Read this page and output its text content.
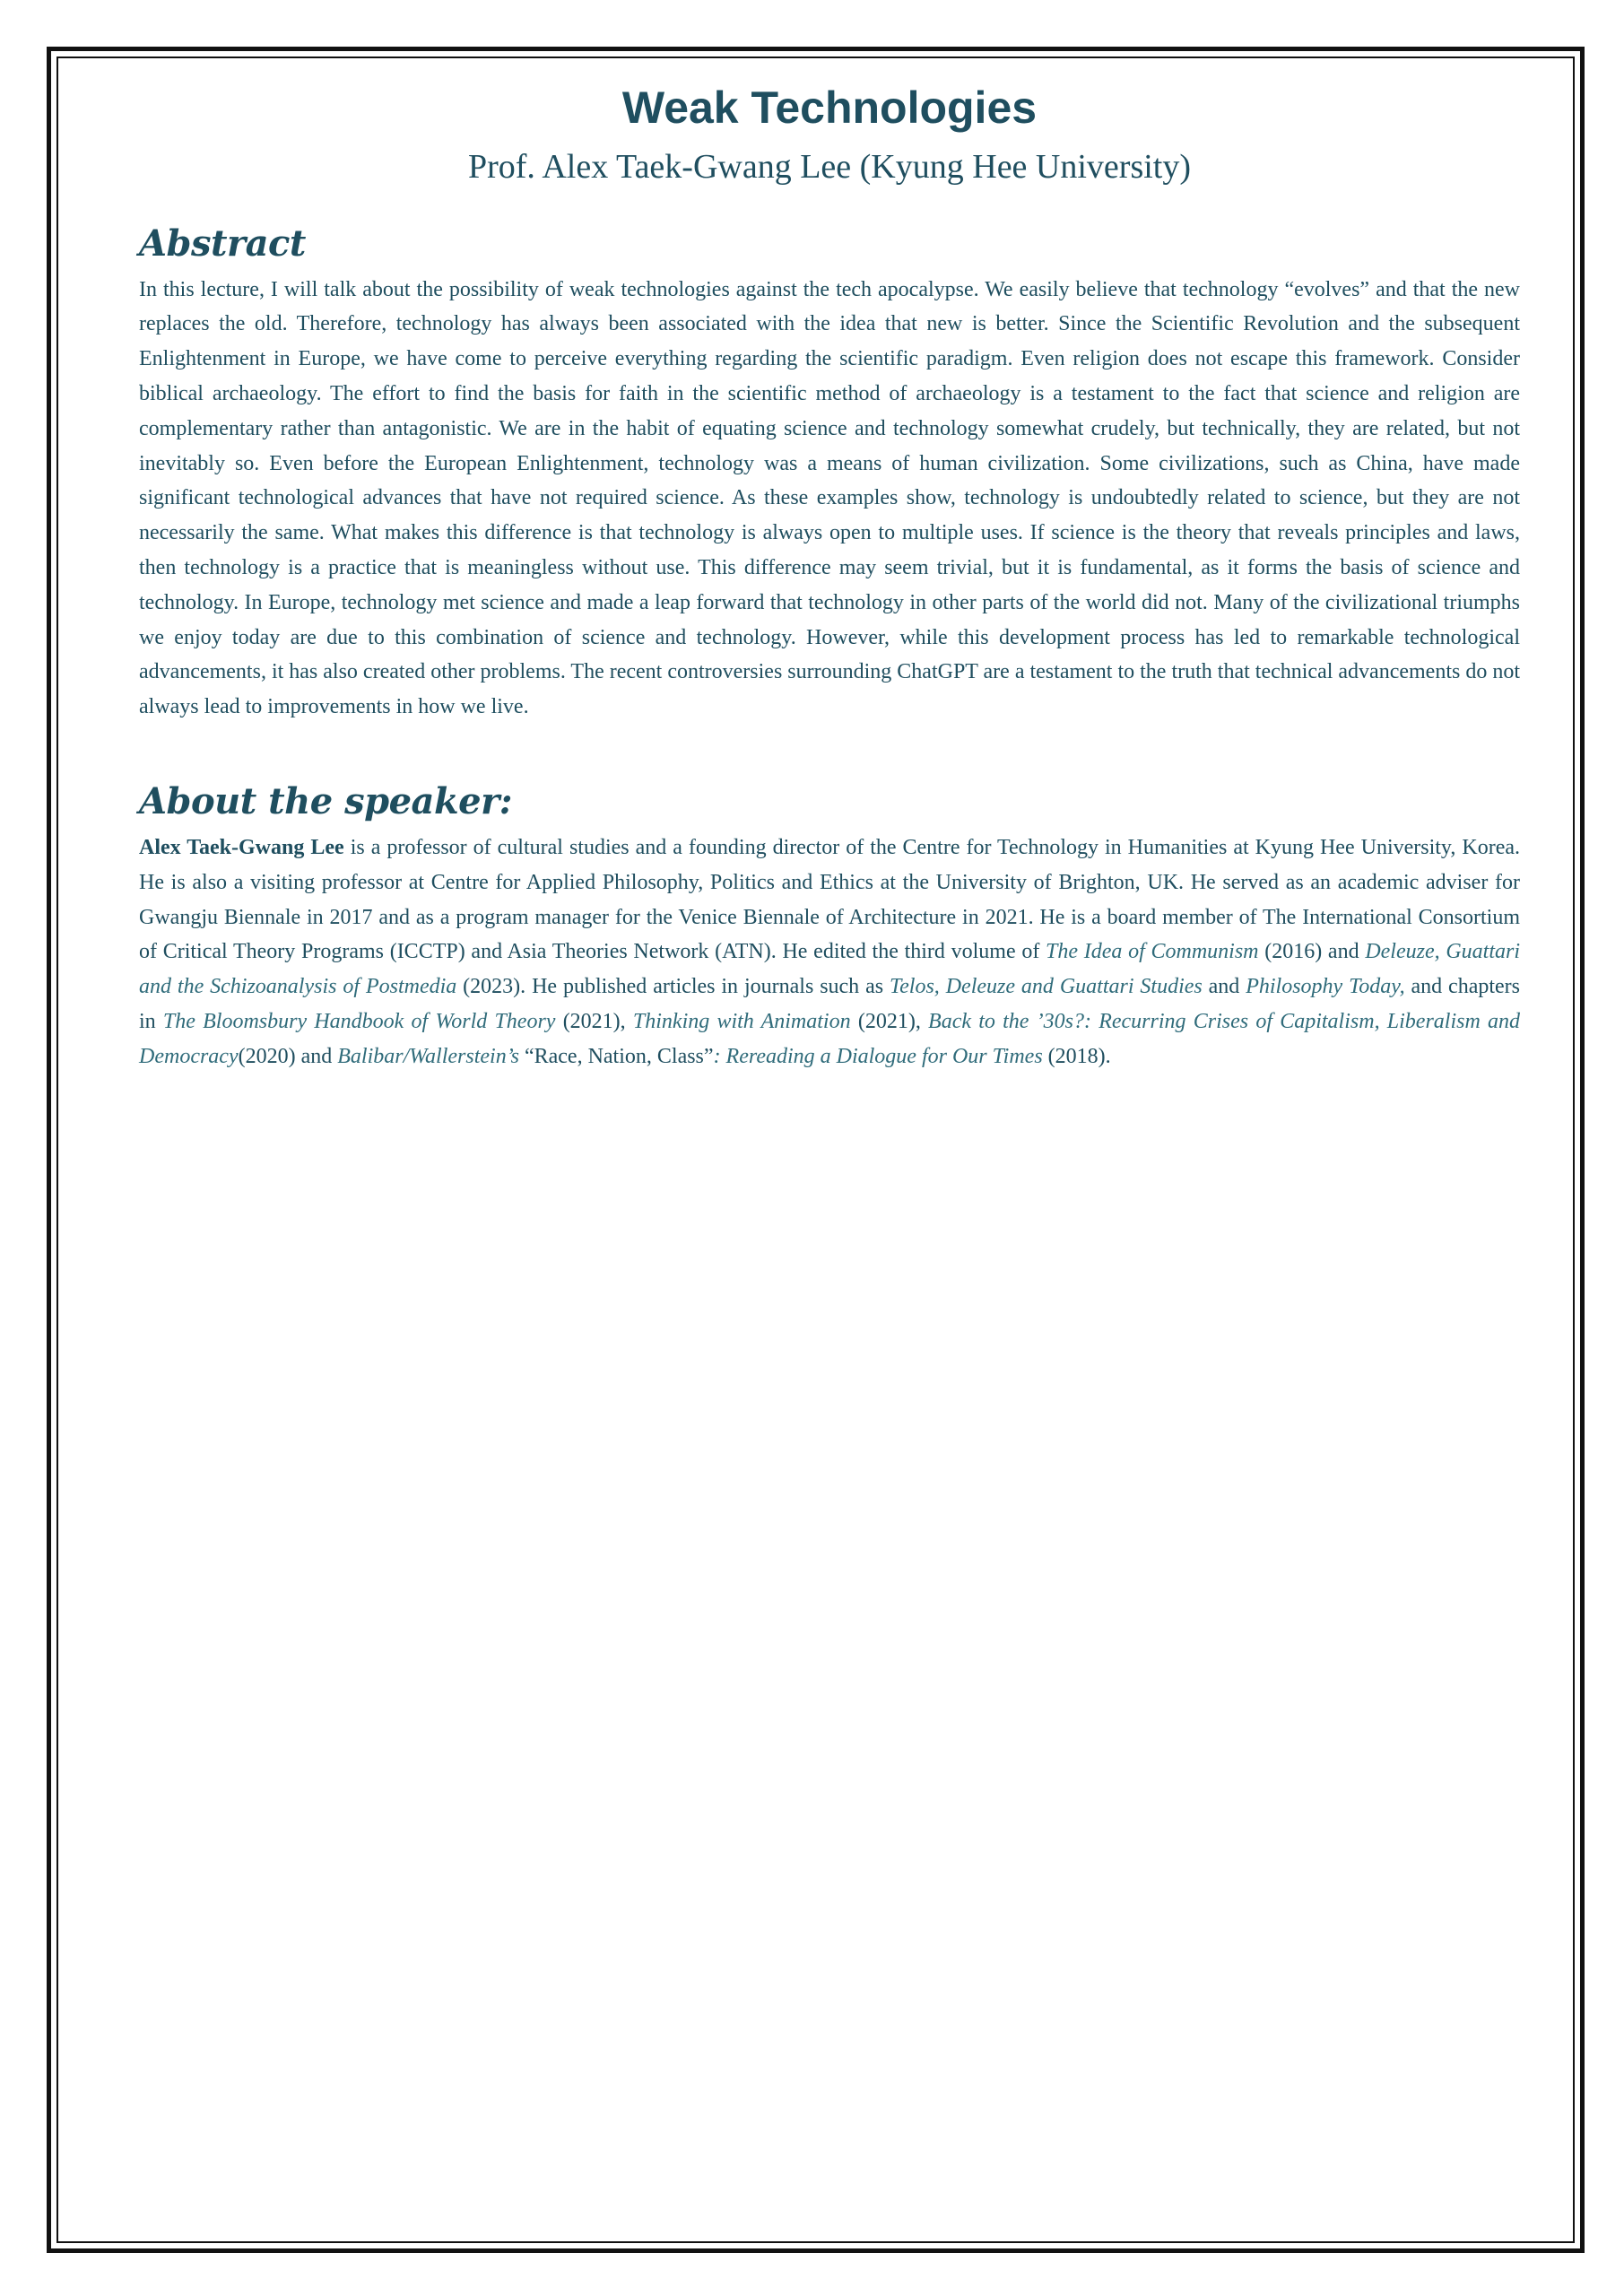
Weak Technologies
Prof. Alex Taek-Gwang Lee (Kyung Hee University)
Abstract

In this lecture, I will talk about the possibility of weak technologies against the tech apocalypse. We easily believe that technology “evolves” and that the new replaces the old. Therefore, technology has always been associated with the idea that new is better. Since the Scientific Revolution and the subsequent Enlightenment in Europe, we have come to perceive everything regarding the scientific paradigm. Even religion does not escape this framework. Consider biblical archaeology. The effort to find the basis for faith in the scientific method of archaeology is a testament to the fact that science and religion are complementary rather than antagonistic. We are in the habit of equating science and technology somewhat crudely, but technically, they are related, but not inevitably so. Even before the European Enlightenment, technology was a means of human civilization. Some civilizations, such as China, have made significant technological advances that have not required science. As these examples show, technology is undoubtedly related to science, but they are not necessarily the same. What makes this difference is that technology is always open to multiple uses. If science is the theory that reveals principles and laws, then technology is a practice that is meaningless without use. This difference may seem trivial, but it is fundamental, as it forms the basis of science and technology. In Europe, technology met science and made a leap forward that technology in other parts of the world did not. Many of the civilizational triumphs we enjoy today are due to this combination of science and technology. However, while this development process has led to remarkable technological advancements, it has also created other problems. The recent controversies surrounding ChatGPT are a testament to the truth that technical advancements do not always lead to improvements in how we live.

About the speaker:

Alex Taek-Gwang Lee is a professor of cultural studies and a founding director of the Centre for Technology in Humanities at Kyung Hee University, Korea. He is also a visiting professor at Centre for Applied Philosophy, Politics and Ethics at the University of Brighton, UK. He served as an academic adviser for Gwangju Biennale in 2017 and as a program manager for the Venice Biennale of Architecture in 2021. He is a board member of The International Consortium of Critical Theory Programs (ICCTP) and Asia Theories Network (ATN). He edited the third volume of The Idea of Communism (2016) and Deleuze, Guattari and the Schizoanalysis of Postmedia (2023). He published articles in journals such as Telos, Deleuze and Guattari Studies and Philosophy Today, and chapters in The Bloomsbury Handbook of World Theory (2021), Thinking with Animation (2021), Back to the ’30s?: Recurring Crises of Capitalism, Liberalism and Democracy(2020) and Balibar/Wallerstein’s “Race, Nation, Class”: Rereading a Dialogue for Our Times (2018).
